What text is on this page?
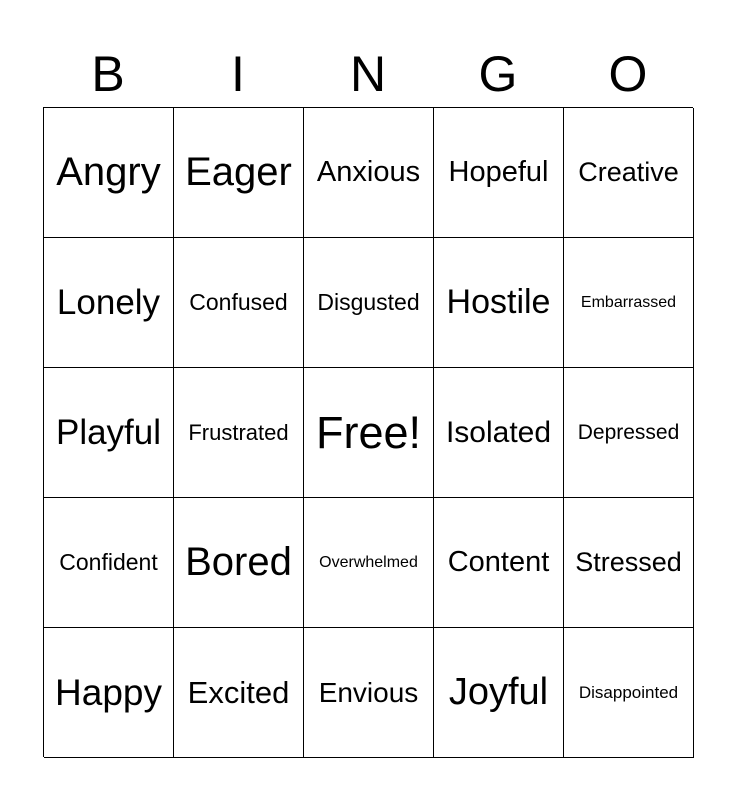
B	I	N	G	O
Angry Eager Anxious Hopeful Creative
Lonely Confused Disgusted Hostile Embarrassed
Playful Frustrated Free! Isolated Depressed
Confident Bored Overwhelmed Content Stressed
Happy Excited Envious Joyful Disappointed
